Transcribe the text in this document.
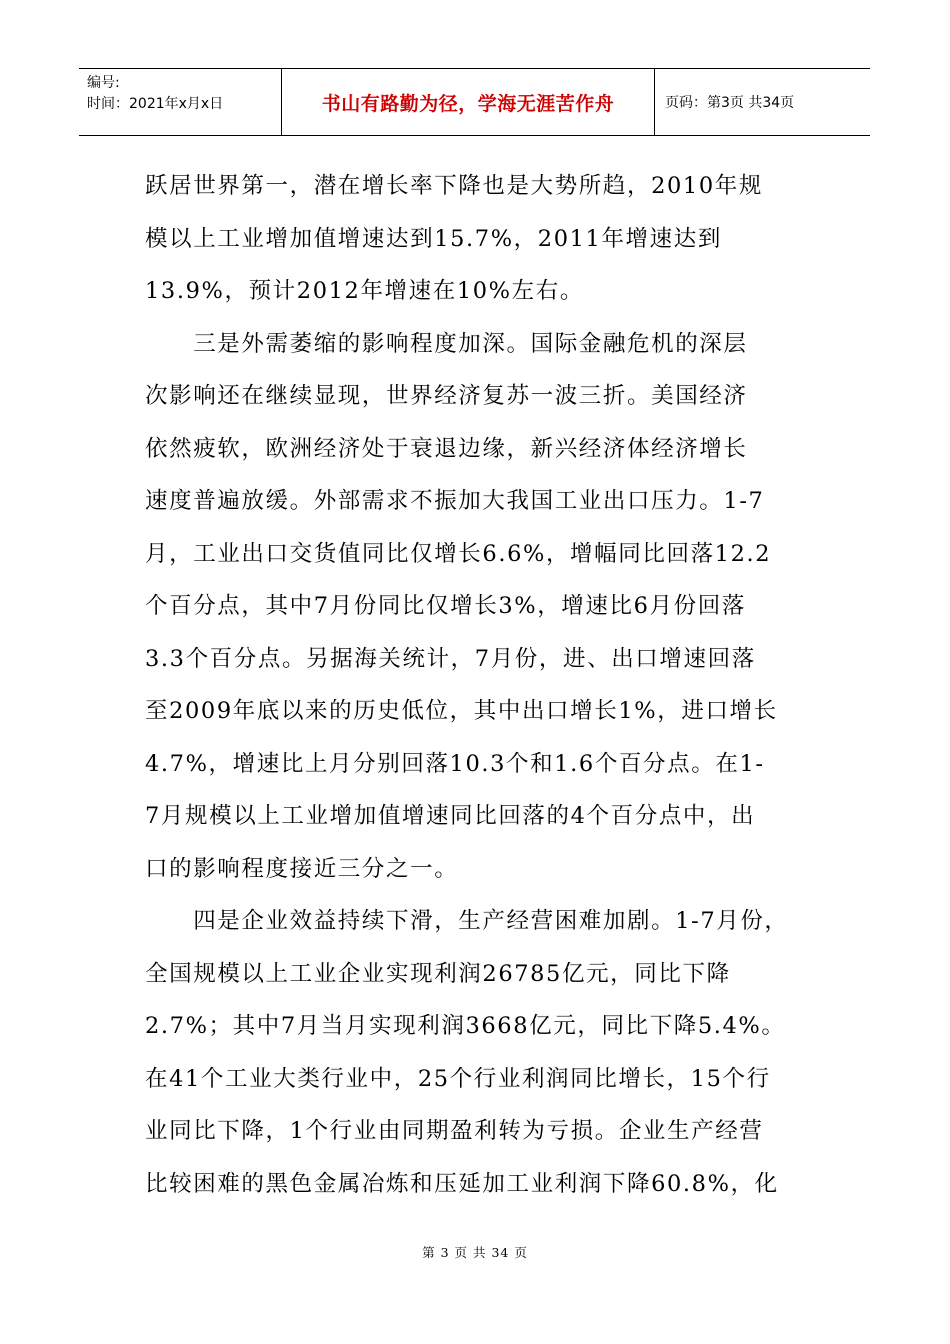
编号:
时间：2021年x月x日	书山有路勤为径，学海无涯苦作舟	页码：第3页 共34页
跃居世界第一，潜在增长率下降也是大势所趋，2010年规
模以上工业增加值增速达到15.7%，2011年增速达到
13.9%，预计2012年增速在10%左右。
　　三是外需萎缩的影响程度加深。国际金融危机的深层
次影响还在继续显现，世界经济复苏一波三折。美国经济
依然疲软，欧洲经济处于衰退边缘，新兴经济体经济增长
速度普遍放缓。外部需求不振加大我国工业出口压力。1-7
月，工业出口交货值同比仅增长6.6%，增幅同比回落12.2
个百分点，其中7月份同比仅增长3%，增速比6月份回落
3.3个百分点。另据海关统计，7月份，进、出口增速回落
至2009年底以来的历史低位，其中出口增长1%，进口增长
4.7%，增速比上月分别回落10.3个和1.6个百分点。在1-
7月规模以上工业增加值增速同比回落的4个百分点中，出
口的影响程度接近三分之一。
　　四是企业效益持续下滑，生产经营困难加剧。1-7月份，
全国规模以上工业企业实现利润26785亿元，同比下降
2.7%；其中7月当月实现利润3668亿元，同比下降5.4%。
在41个工业大类行业中，25个行业利润同比增长，15个行
业同比下降，1个行业由同期盈利转为亏损。企业生产经营
比较困难的黑色金属冶炼和压延加工业利润下降60.8%，化
第 3 页 共 34 页
